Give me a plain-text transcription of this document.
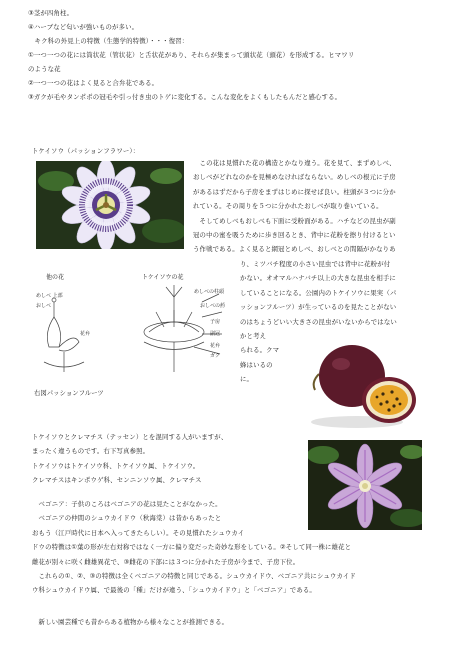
③茎が四角柱。
④ハーブなど匂いが強いものが多い。
　キク科の外見上の特徴（生態学的特徴）・・・復習：
①一つ一つの花には筒状花（管状花）と舌状花があり、それらが集まって頭状花（頭花）を形成する。ヒマワリ
のような花
②一つ一つの花はよく見ると合弁花である。
③ガクが毛やタンポポの冠毛や引っ付き虫のトゲに変化する。こんな変化をよくもしたもんだと感心する。
トケイソウ（パッションフラワー）：
　この花は見慣れた花の構造とかなり違う。花を見て、まずめしべ、
おしべがどれなのかを見極めなければならない。めしべの根元に子房
があるはずだから子房をまずはじめに探せば良い。柱頭が３つに分か
れている。その周りを５つに分かれたおしべが取り巻いている。
　そしてめしべもおしべも下面に受粉面がある。ハチなどの昆虫が副
冠の中の蜜を吸うために歩き回るとき、背中に花粉を擦り付けるとい
う作戦である。よく見ると網冠とめしべ、おしべとの間隔がかなりあ
り、ミツバチ程度の小さい昆虫では背中に花粉が付
かない。オオマルハナバチ以上の大きな昆虫を相手に
していることになる。公園内のトケイソウに果実（パ
ッションフルーツ）が生っているのを見たことがない
のはちょうどいい大きさの昆虫がいないからではない
かと考え
られる。クマ
蜂はいるの
に。
他の花
めしべ 上部
おしべ
花弁
トケイソウの花
めしべの柱頭
おしべの葯
子房
副冠
花弁
ガク
右図パッションフルーツ
トケイソウとクレマチス（テッセン）とを混同する人がいますが、
まったく違うものです。右下写真参照。
トケイソウはトケイソウ科、トケイソウ属、トケイソウ。
クレマチスはキンポウゲ科、センニンソウ属、クレマチス
　ベゴニア：子供のころはベゴニアの花は見たことがなかった。
　ベゴニアの仲間のシュウカイドウ（秋海棠）は昔からあったと
おもう（江戸時代に日本へ入ってきたらしい）。その見慣れたシュウカイ
ドウの特徴は①葉の形が左右対称ではなく一方に偏り変だった奇妙な形をしている。②そして同一株に雄花と
雌花が別々に咲く雌雄異花で、③雌花の下部には３つに分かれた子房が今まで、子房下位。
　これらの①、②、③の特徴は全くベゴニアの特徴と同じである。シュウカイドウ、ベゴニア共にシュウカイド
ウ科シュウカイドウ属、で最後の「種」だけが違う、「シュウカイドウ」と「ベゴニア」である。
　新しい園芸種でも昔からある植物から様々なことが推測できる。
